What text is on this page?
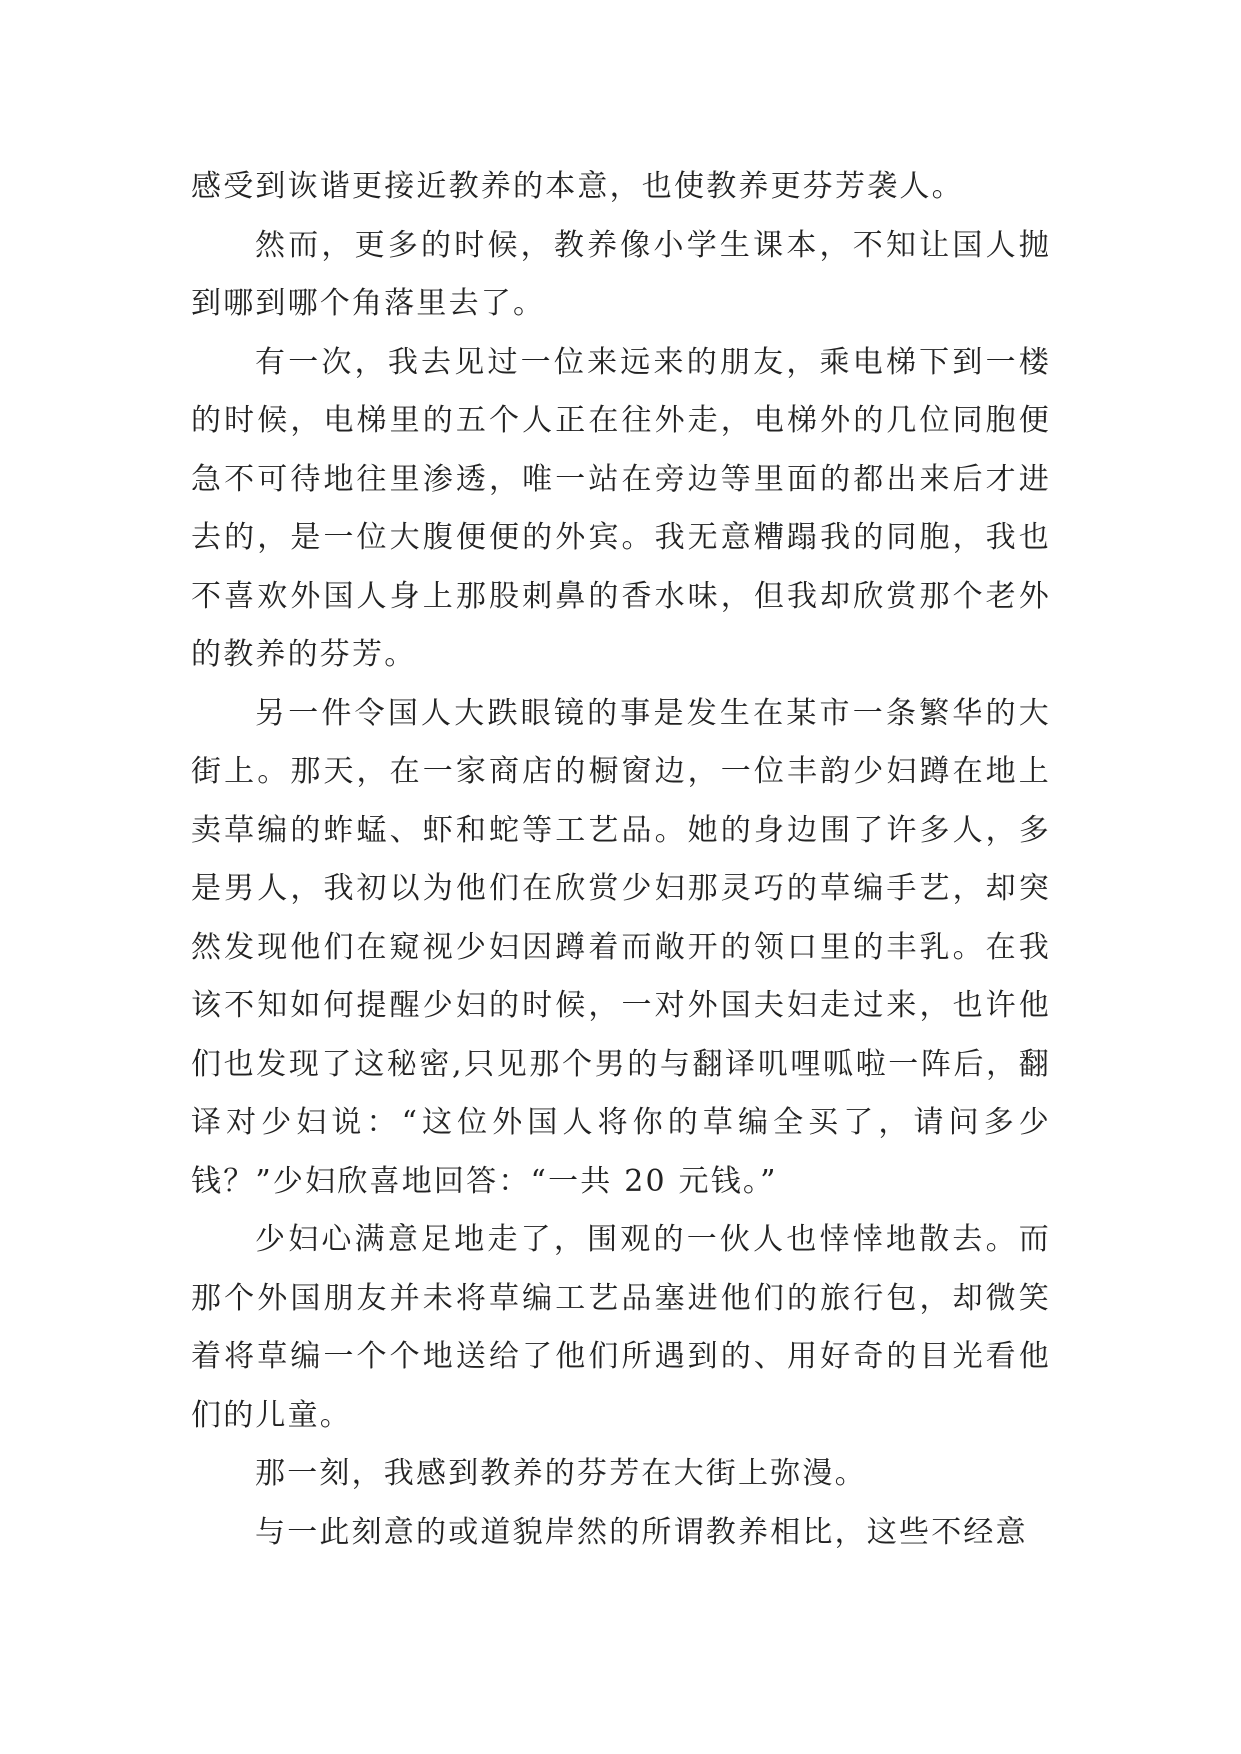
感受到诙谐更接近教养的本意，也使教养更芬芳袭人。

然而，更多的时候，教养像小学生课本，不知让国人抛到哪到哪个角落里去了。

有一次，我去见过一位来远来的朋友，乘电梯下到一楼的时候，电梯里的五个人正在往外走，电梯外的几位同胞便急不可待地往里渗透，唯一站在旁边等里面的都出来后才进去的，是一位大腹便便的外宾。我无意糟蹋我的同胞，我也不喜欢外国人身上那股刺鼻的香水味，但我却欣赏那个老外的教养的芬芳。

另一件令国人大跌眼镜的事是发生在某市一条繁华的大街上。那天，在一家商店的橱窗边，一位丰韵少妇蹲在地上卖草编的蚱蜢、虾和蛇等工艺品。她的身边围了许多人，多是男人，我初以为他们在欣赏少妇那灵巧的草编手艺，却突然发现他们在窥视少妇因蹲着而敞开的领口里的丰乳。在我该不知如何提醒少妇的时候，一对外国夫妇走过来，也许他们也发现了这秘密,只见那个男的与翻译叽哩呱啦一阵后，翻译对少妇说：“这位外国人将你的草编全买了，请问多少钱？”少妇欣喜地回答：“一共 20 元钱。”

少妇心满意足地走了，围观的一伙人也悻悻地散去。而那个外国朋友并未将草编工艺品塞进他们的旅行包，却微笑着将草编一个个地送给了他们所遇到的、用好奇的目光看他们的儿童。

那一刻，我感到教养的芬芳在大街上弥漫。

与一此刻意的或道貌岸然的所谓教养相比，这些不经意
